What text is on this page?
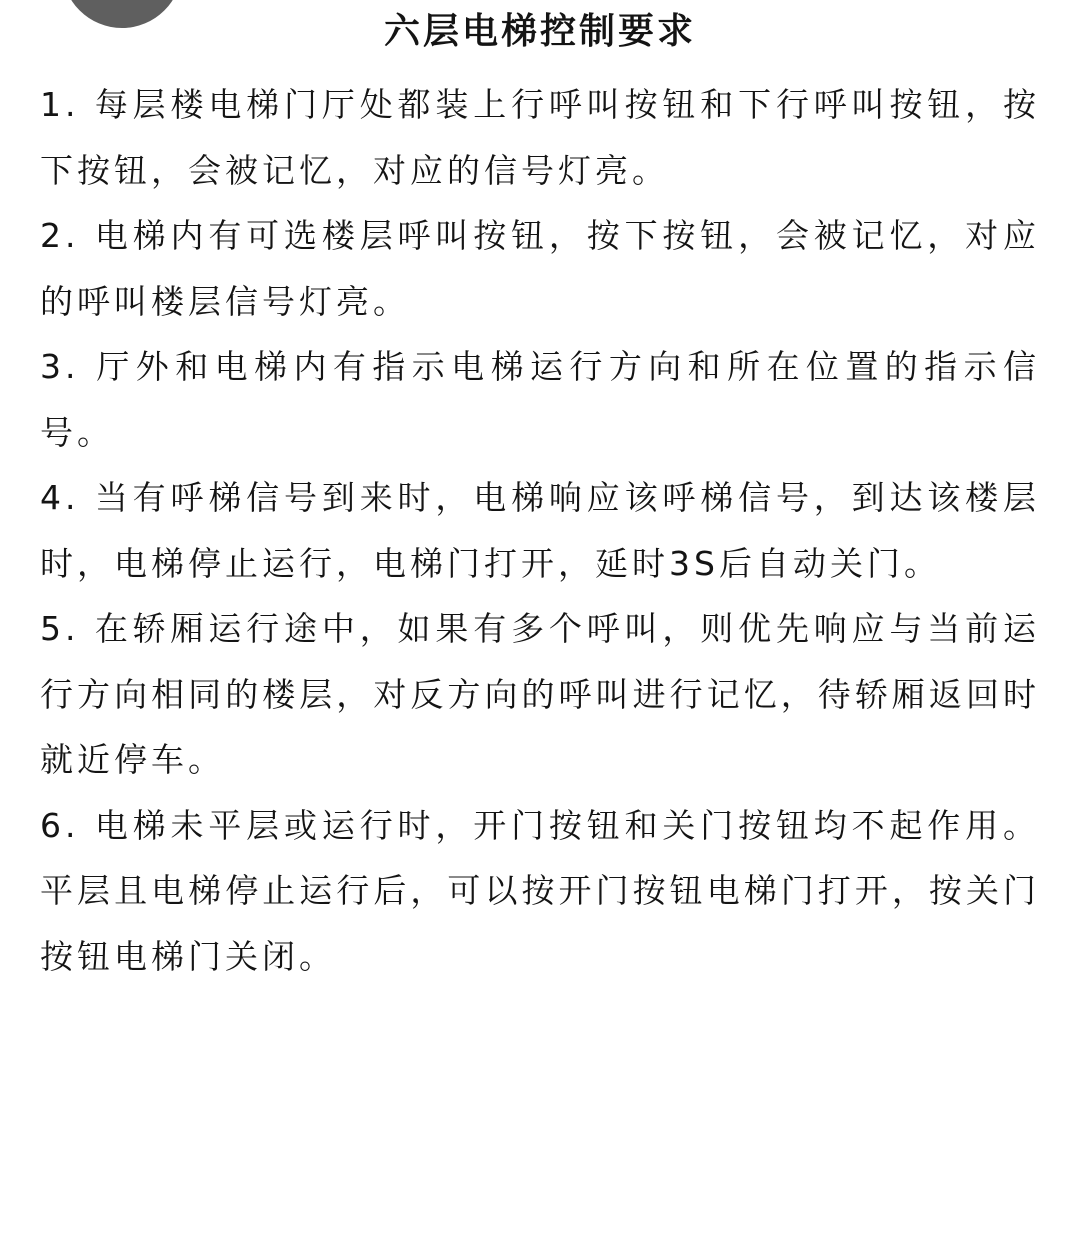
六层电梯控制要求
1. 每层楼电梯门厅处都装上行呼叫按钮和下行呼叫按钮，按下按钮，会被记忆，对应的信号灯亮。
2. 电梯内有可选楼层呼叫按钮，按下按钮，会被记忆，对应的呼叫楼层信号灯亮。
3. 厅外和电梯内有指示电梯运行方向和所在位置的指示信号。
4. 当有呼梯信号到来时，电梯响应该呼梯信号，到达该楼层时，电梯停止运行，电梯门打开，延时3S后自动关门。
5. 在轿厢运行途中，如果有多个呼叫，则优先响应与当前运行方向相同的楼层，对反方向的呼叫进行记忆，待轿厢返回时就近停车。
6. 电梯未平层或运行时，开门按钮和关门按钮均不起作用。平层且电梯停止运行后，可以按开门按钮电梯门打开，按关门按钮电梯门关闭。
